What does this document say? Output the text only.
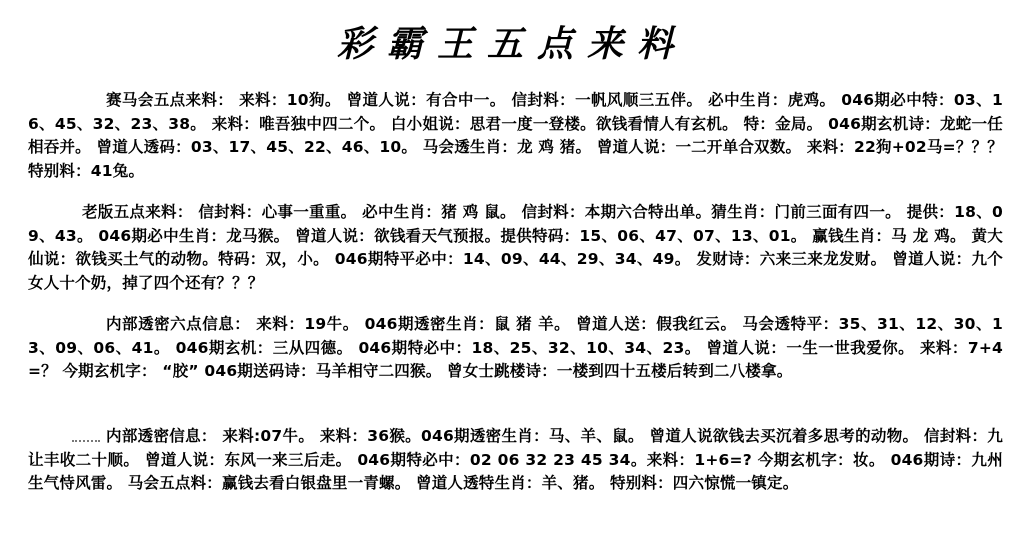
彩霸王五点来料
赛马会五点来料： 来料：10狗。 曾道人说：有合中一。 信封料：一帆风顺三五伴。 必中生肖：虎鸡。 046期必中特：03、16、45、32、23、38。 来料：唯吾独中四二个。 白小姐说：思君一度一登楼。欲钱看情人有玄机。 特：金局。 046期玄机诗：龙蛇一任相吞并。 曾道人透码：03、17、45、22、46、10。 马会透生肖：龙 鸡 猪。 曾道人说：一二开单合双数。 来料：22狗+02马=？？？ 特别料：41兔。
老版五点来料： 信封料：心事一重重。 必中生肖：猪 鸡 鼠。 信封料：本期六合特出单。猜生肖：门前三面有四一。 提供：18、09、43。 046期必中生肖：龙马猴。 曾道人说：欲钱看天气预报。提供特码：15、06、47、07、13、01。 赢钱生肖：马 龙 鸡。 黄大仙说：欲钱买土气的动物。特码：双，小。 046期特平必中：14、09、44、29、34、49。 发财诗：六来三来龙发财。 曾道人说：九个女人十个奶，掉了四个还有？？？
内部透密六点信息： 来料：19牛。 046期透密生肖：鼠 猪 羊。 曾道人送：假我红云。 马会透特平：35、31、12、30、13、09、06、41。 046期玄机：三从四德。 046期特必中：18、25、32、10、34、23。 曾道人说：一生一世我爱你。 来料：7+4=？ 今期玄机字： “胶” 046期送码诗：马羊相守二四猴。 曾女士跳楼诗：一楼到四十五楼后转到二八楼拿。
内部透密信息： 来料:07牛。 来料：36猴。046期透密生肖：马、羊、鼠。 曾道人说欲钱去买沉着多思考的动物。 信封料：九让丰收二十顺。 曾道人说：东风一来三后走。 046期特必中：02 06 32 23 45 34。来料：1+6=? 今期玄机字：妆。 046期诗：九州生气恃风雷。 马会五点料：赢钱去看白银盘里一青螺。 曾道人透特生肖：羊、猪。 特别料：四六惊慌一镇定。
